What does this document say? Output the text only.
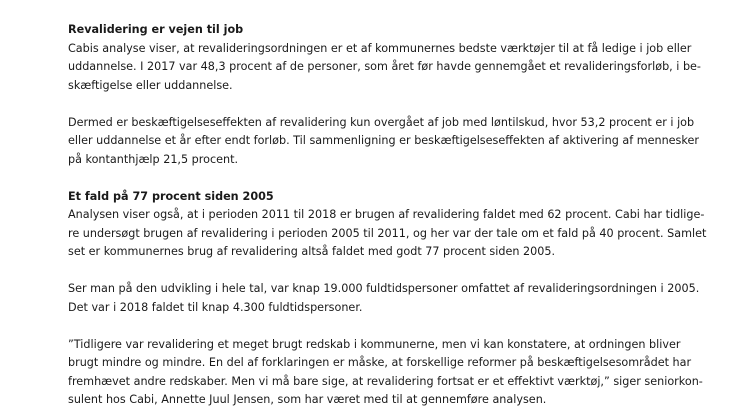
Revalidering er vejen til job

Cabis analyse viser, at revalideringsordningen er et af kommunernes bedste værktøjer til at få ledige i job eller
uddannelse. I 2017 var 48,3 procent af de personer, som året før havde gennemgået et revalideringsforløb, i be-
skæftigelse eller uddannelse.

Dermed er beskæftigelseseffekten af revalidering kun overgået af job med løntilskud, hvor 53,2 procent er i job
eller uddannelse et år efter endt forløb. Til sammenligning er beskæftigelseseffekten af aktivering af mennesker
på kontanthjælp 21,5 procent.

Et fald på 77 procent siden 2005

Analysen viser også, at i perioden 2011 til 2018 er brugen af revalidering faldet med 62 procent. Cabi har tidlige-
re undersøgt brugen af revalidering i perioden 2005 til 2011, og her var der tale om et fald på 40 procent. Samlet
set er kommunernes brug af revalidering altså faldet med godt 77 procent siden 2005.

Ser man på den udvikling i hele tal, var knap 19.000 fuldtidspersoner omfattet af revalideringsordningen i 2005.
Det var i 2018 faldet til knap 4.300 fuldtidspersoner.

”Tidligere var revalidering et meget brugt redskab i kommunerne, men vi kan konstatere, at ordningen bliver
brugt mindre og mindre. En del af forklaringen er måske, at forskellige reformer på beskæftigelsesområdet har
fremhævet andre redskaber. Men vi må bare sige, at revalidering fortsat er et effektivt værktøj,” siger seniorkon-
sulent hos Cabi, Annette Juul Jensen, som har været med til at gennemføre analysen.
